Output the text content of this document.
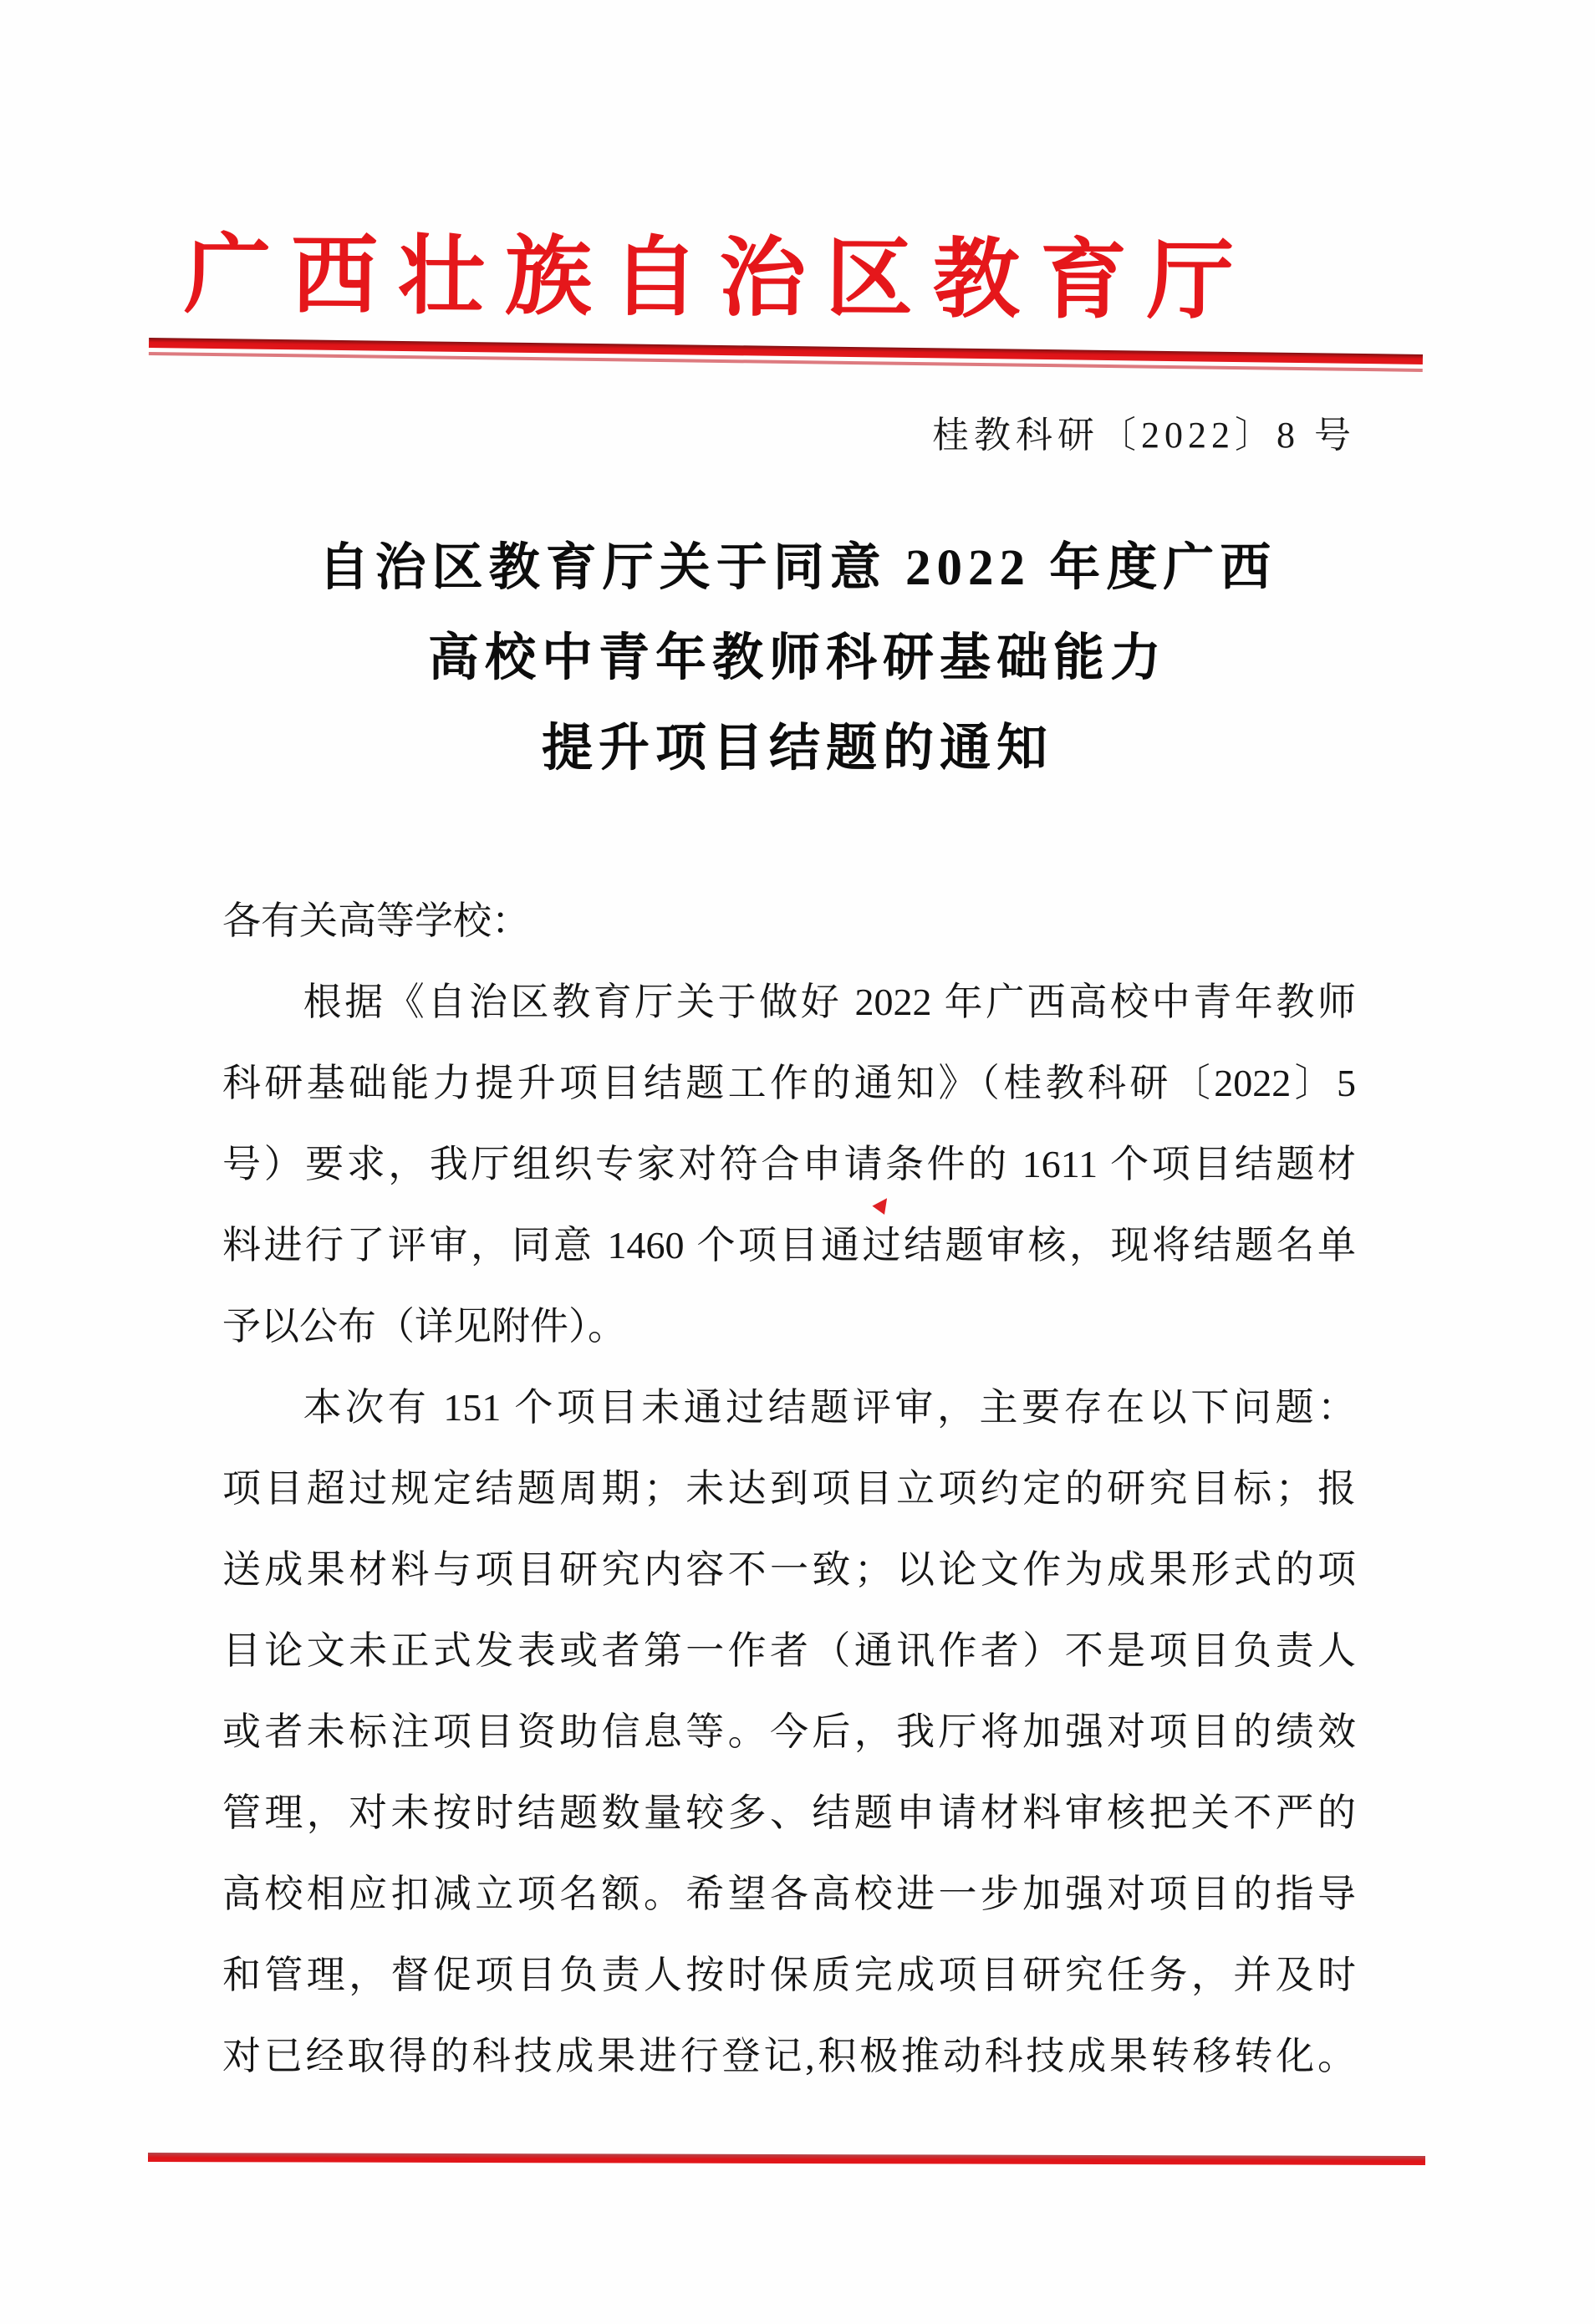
广西壮族自治区教育厅
桂教科研〔2022〕8 号
自治区教育厅关于同意 2022 年度广西
高校中青年教师科研基础能力
提升项目结题的通知
各有关高等学校：
根据《自治区教育厅关于做好 2022 年广西高校中青年教师
科研基础能力提升项目结题工作的通知》（桂教科研〔2022〕5
号）要求，我厅组织专家对符合申请条件的 1611 个项目结题材
料进行了评审，同意 1460 个项目通过结题审核，现将结题名单
予以公布（详见附件）。
本次有 151 个项目未通过结题评审，主要存在以下问题：
项目超过规定结题周期；未达到项目立项约定的研究目标；报
送成果材料与项目研究内容不一致；以论文作为成果形式的项
目论文未正式发表或者第一作者（通讯作者）不是项目负责人
或者未标注项目资助信息等。今后，我厅将加强对项目的绩效
管理，对未按时结题数量较多、结题申请材料审核把关不严的
高校相应扣减立项名额。希望各高校进一步加强对项目的指导
和管理，督促项目负责人按时保质完成项目研究任务，并及时
对已经取得的科技成果进行登记,积极推动科技成果转移转化。
